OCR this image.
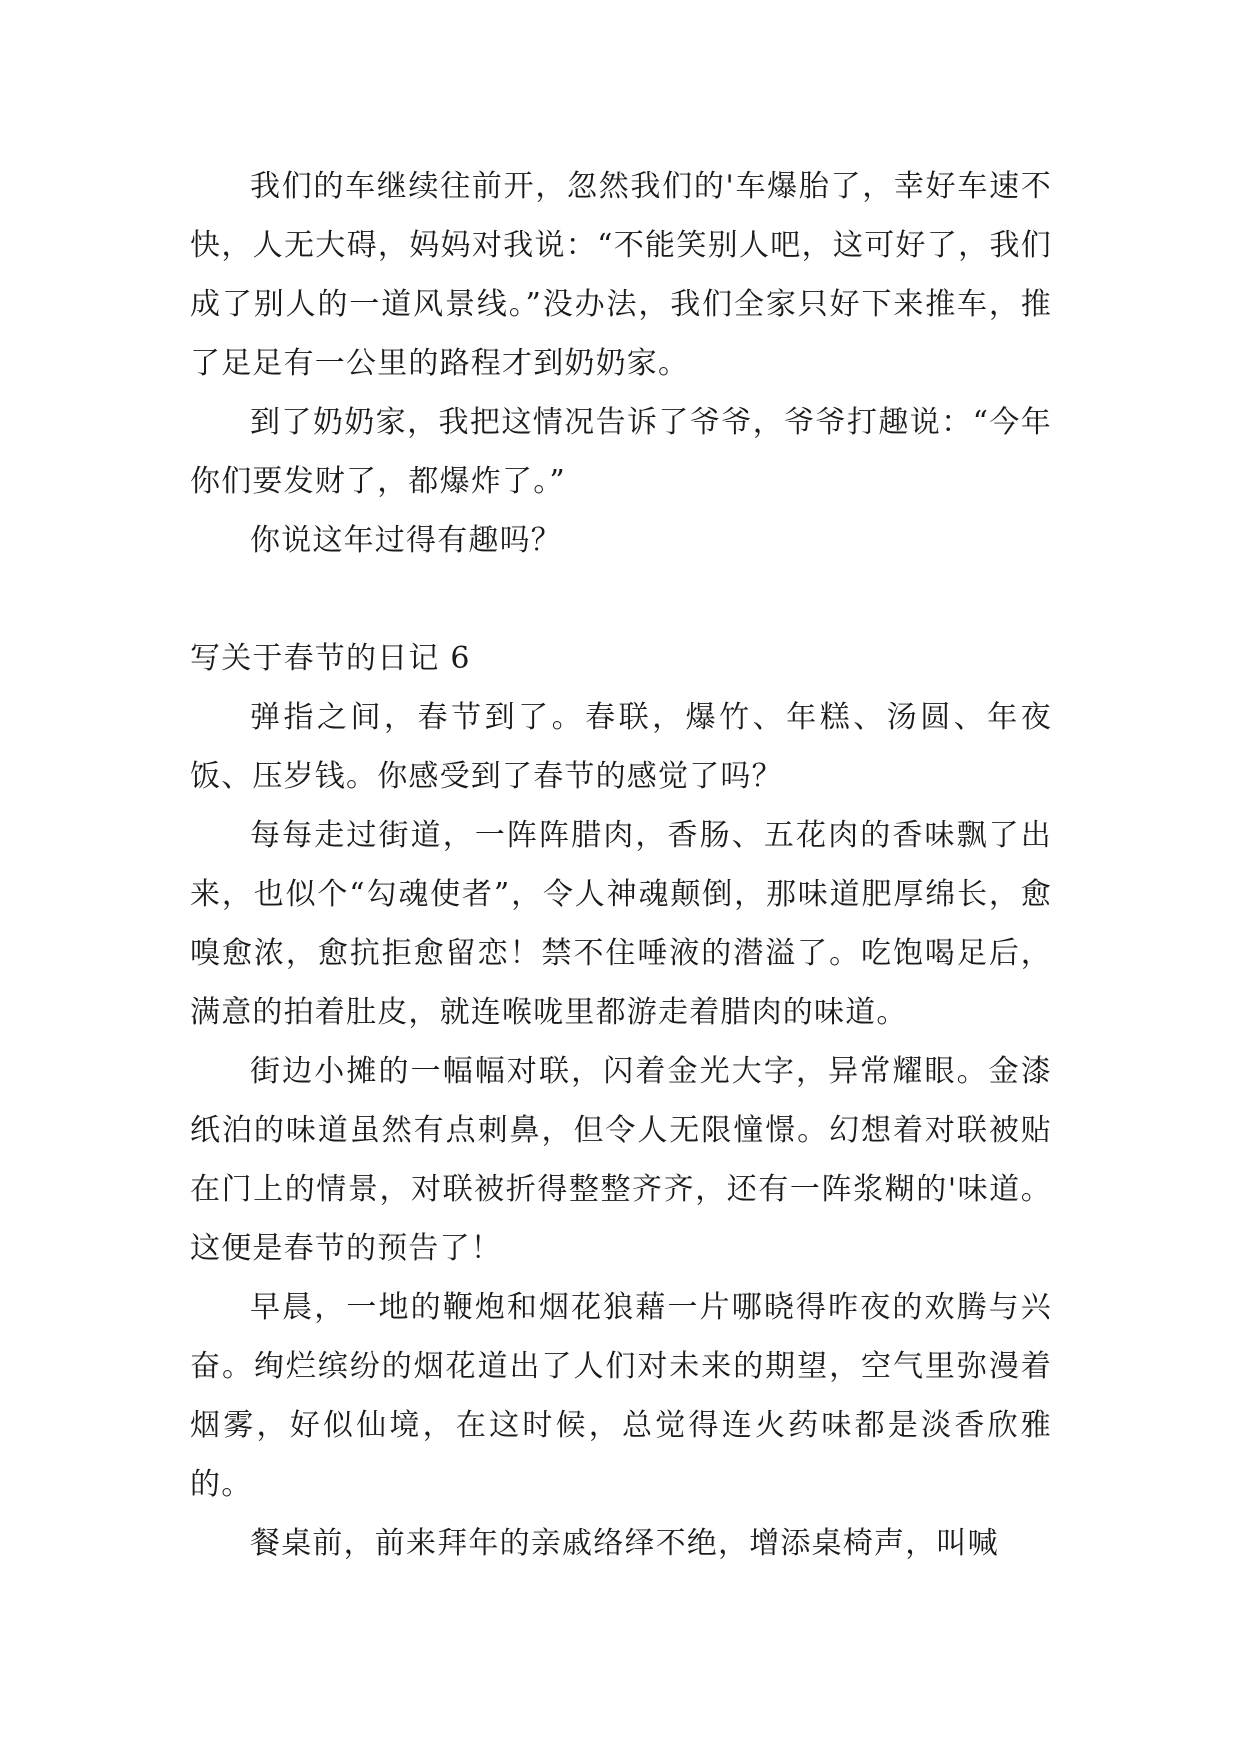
我们的车继续往前开，忽然我们的'车爆胎了，幸好车速不快，人无大碍，妈妈对我说：“不能笑别人吧，这可好了，我们成了别人的一道风景线。”没办法，我们全家只好下来推车，推了足足有一公里的路程才到奶奶家。

到了奶奶家，我把这情况告诉了爷爷，爷爷打趣说：“今年你们要发财了，都爆炸了。”

你说这年过得有趣吗？

写关于春节的日记 6

弹指之间，春节到了。春联，爆竹、年糕、汤圆、年夜饭、压岁钱。你感受到了春节的感觉了吗？

每每走过街道，一阵阵腊肉，香肠、五花肉的香味飘了出来，也似个“勾魂使者”，令人神魂颠倒，那味道肥厚绵长，愈嗅愈浓，愈抗拒愈留恋！禁不住唾液的潜溢了。吃饱喝足后，满意的拍着肚皮，就连喉咙里都游走着腊肉的味道。

街边小摊的一幅幅对联，闪着金光大字，异常耀眼。金漆纸泊的味道虽然有点刺鼻，但令人无限憧憬。幻想着对联被贴在门上的情景，对联被折得整整齐齐，还有一阵浆糊的'味道。这便是春节的预告了！

早晨，一地的鞭炮和烟花狼藉一片哪晓得昨夜的欢腾与兴奋。绚烂缤纷的烟花道出了人们对未来的期望，空气里弥漫着烟雾，好似仙境，在这时候，总觉得连火药味都是淡香欣雅的。

餐桌前，前来拜年的亲戚络绎不绝，增添桌椅声，叫喊
